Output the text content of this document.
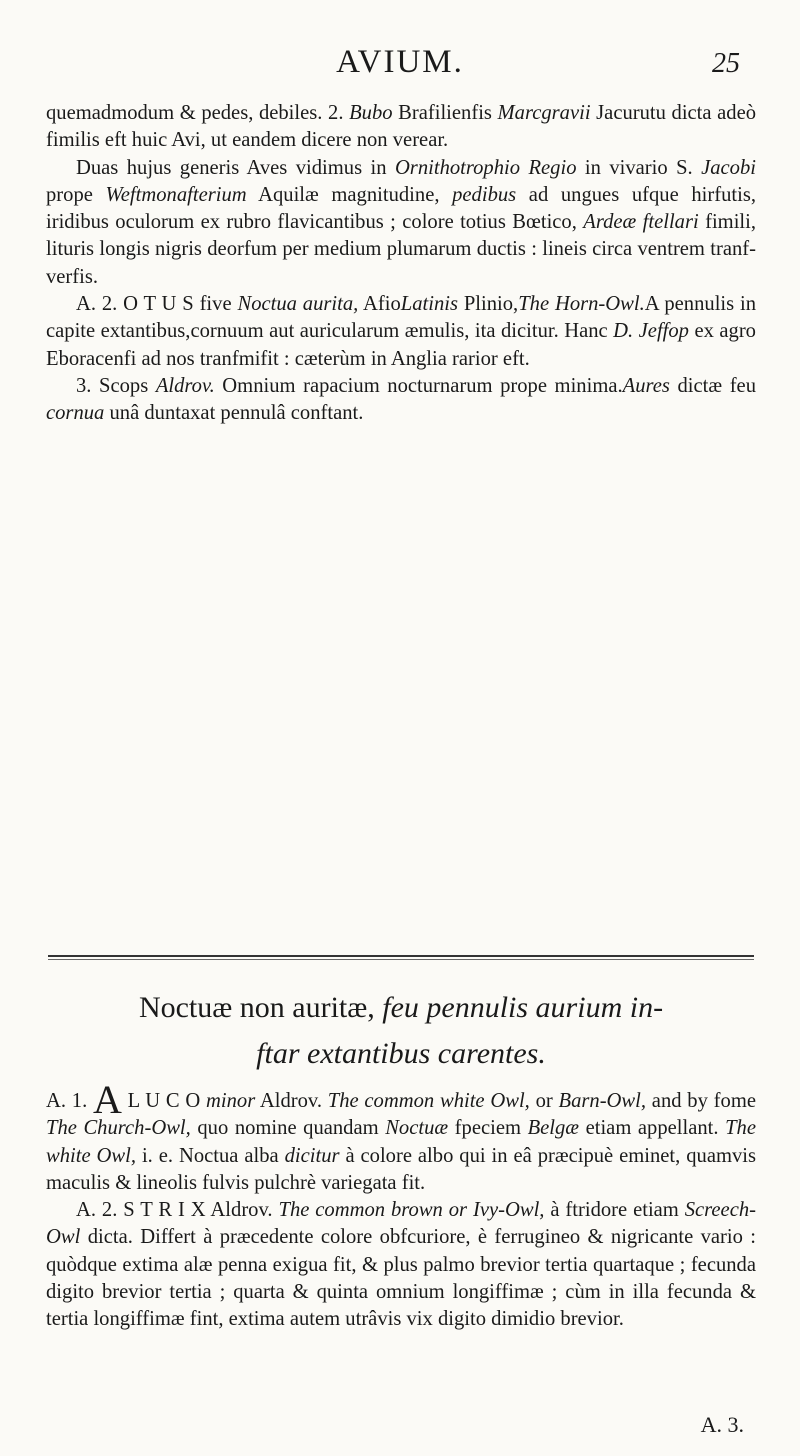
AVIUM.	25

quemadmodum & pedes, debiles. 2. Bubo Brafilienfis Marcgravii Jacurutu dicta adeò fimilis eft huic Avi, ut eandem dicere non verear.

Duas hujus generis Aves vidimus in Ornithotrophio Regio in vivario S. Jacobi prope Weftmonafterium Aquilæ magnitudine, pedibus ad ungues ufque hirfutis, iridibus oculorum ex rubro flavicantibus ; colore totius Bœtico, Ardeæ ftellari fimili, lituris longis nigris deorfum per medium plumarum ductis : lineis circa ventrem tranf-verfis.

A. 2. O T U S five Noctua aurita, AfioLatinis Plinio,The Horn-Owl.A pennulis in capite extantibus,cornuum aut auricularum æmulis, ita dicitur. Hanc D. Jeffop ex agro Eboracenfi ad nos tranfmifit : cæterùm in Anglia rarior eft.

3. Scops Aldrov. Omnium rapacium nocturnarum prope minima.Aures dictæ feu cornua unâ duntaxat pennulâ conftant.

Noctuæ non auritæ, feu pennulis aurium in-
ftar extantibus carentes.

A. 1. A L U C O minor Aldrov. The common white Owl, or Barn-Owl, and by fome The Church-Owl, quo nomine quandam Noctuæ fpeciem Belgæ etiam appellant. The white Owl, i. e. Noctua alba dicitur à colore albo qui in eâ præcipuè eminet, quamvis maculis & lineolis fulvis pulchrè variegata fit.

A. 2. S T R I X Aldrov. The common brown or Ivy-Owl, à ftridore etiam Screech-Owl dicta. Differt à præcedente colore obfcuriore, è ferrugineo & nigricante vario : quòdque extima alæ penna exigua fit, & plus palmo brevior tertia quartaque ; fecunda digito brevior tertia ; quarta & quinta omnium longiffimæ ; cùm in illa fecunda & tertia longiffimæ fint, extima autem utrâvis vix digito dimidio brevior.

A. 3.
